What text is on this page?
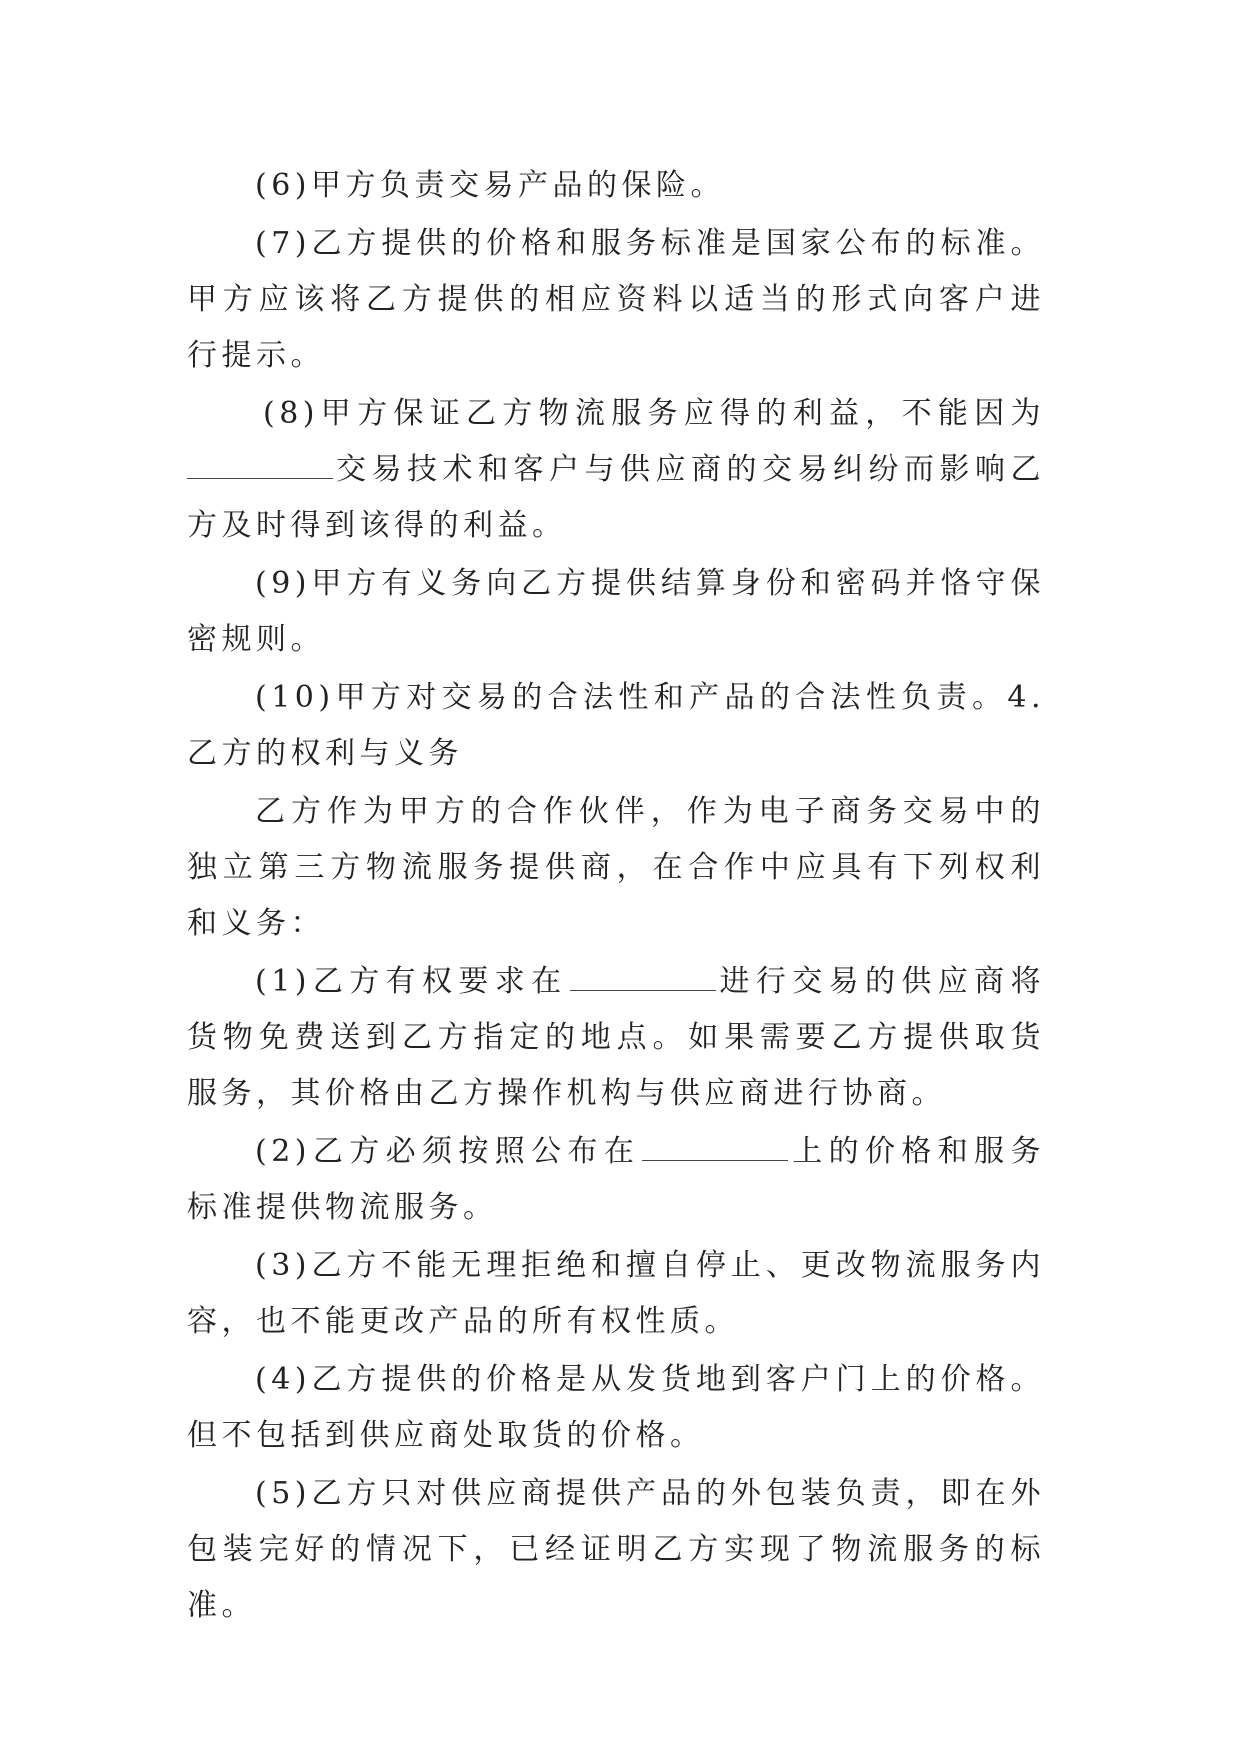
(6)甲方负责交易产品的保险。

(7)乙方提供的价格和服务标准是国家公布的标准。甲方应该将乙方提供的相应资料以适当的形式向客户进行提示。

(8)甲方保证乙方物流服务应得的利益，不能因为交易技术和客户与供应商的交易纠纷而影响乙方及时得到该得的利益。

(9)甲方有义务向乙方提供结算身份和密码并恪守保密规则。

(10)甲方对交易的合法性和产品的合法性负责。4.乙方的权利与义务

乙方作为甲方的合作伙伴，作为电子商务交易中的独立第三方物流服务提供商，在合作中应具有下列权利和义务：

(1)乙方有权要求在	进行交易的供应商将货物免费送到乙方指定的地点。如果需要乙方提供取货服务，其价格由乙方操作机构与供应商进行协商。

(2)乙方必须按照公布在	上的价格和服务标准提供物流服务。

(3)乙方不能无理拒绝和擅自停止、更改物流服务内容，也不能更改产品的所有权性质。

(4)乙方提供的价格是从发货地到客户门上的价格。但不包括到供应商处取货的价格。

(5)乙方只对供应商提供产品的外包装负责，即在外包装完好的情况下，已经证明乙方实现了物流服务的标准。
